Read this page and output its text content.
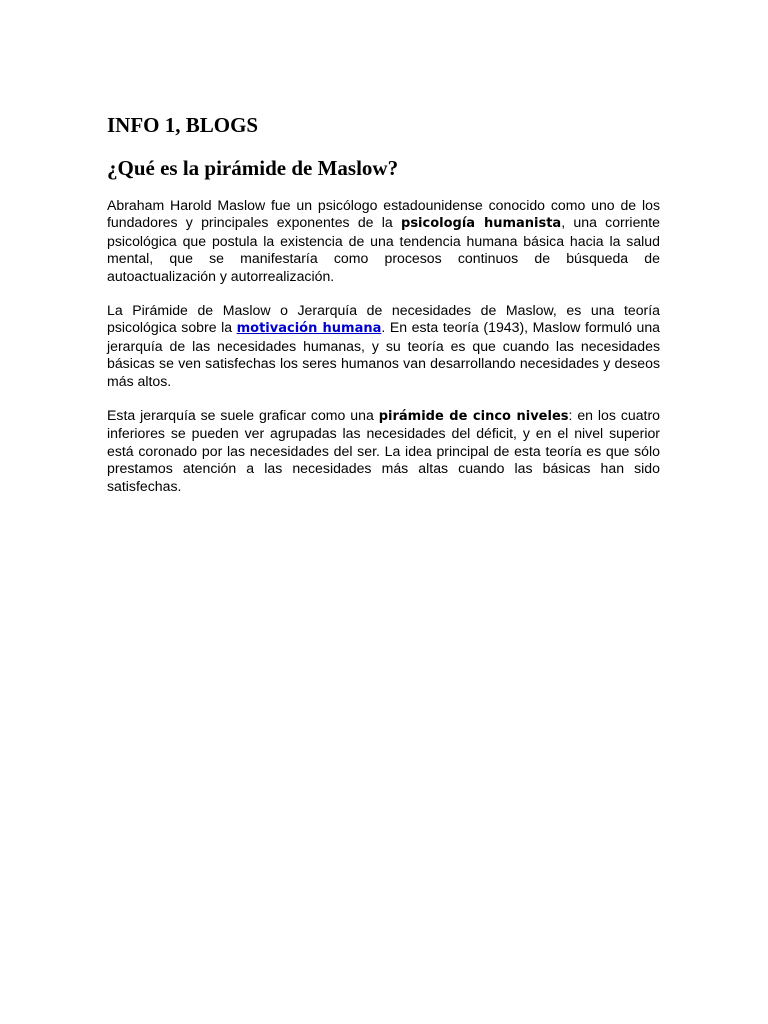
INFO 1, BLOGS
¿Qué es la pirámide de Maslow?

Abraham Harold Maslow fue un psicólogo estadounidense conocido como uno de los fundadores y principales exponentes de la psicología humanista, una corriente psicológica que postula la existencia de una tendencia humana básica hacia la salud mental, que se manifestaría como procesos continuos de búsqueda de autoactualización y autorrealización.

La Pirámide de Maslow o Jerarquía de necesidades de Maslow, es una teoría psicológica sobre la motivación humana. En esta teoría (1943), Maslow formuló una jerarquía de las necesidades humanas, y su teoría es que cuando las necesidades básicas se ven satisfechas los seres humanos van desarrollando necesidades y deseos más altos.

Esta jerarquía se suele graficar como una pirámide de cinco niveles: en los cuatro inferiores se pueden ver agrupadas las necesidades del déficit, y en el nivel superior está coronado por las necesidades del ser. La idea principal de esta teoría es que sólo prestamos atención a las necesidades más altas cuando las básicas han sido satisfechas.
